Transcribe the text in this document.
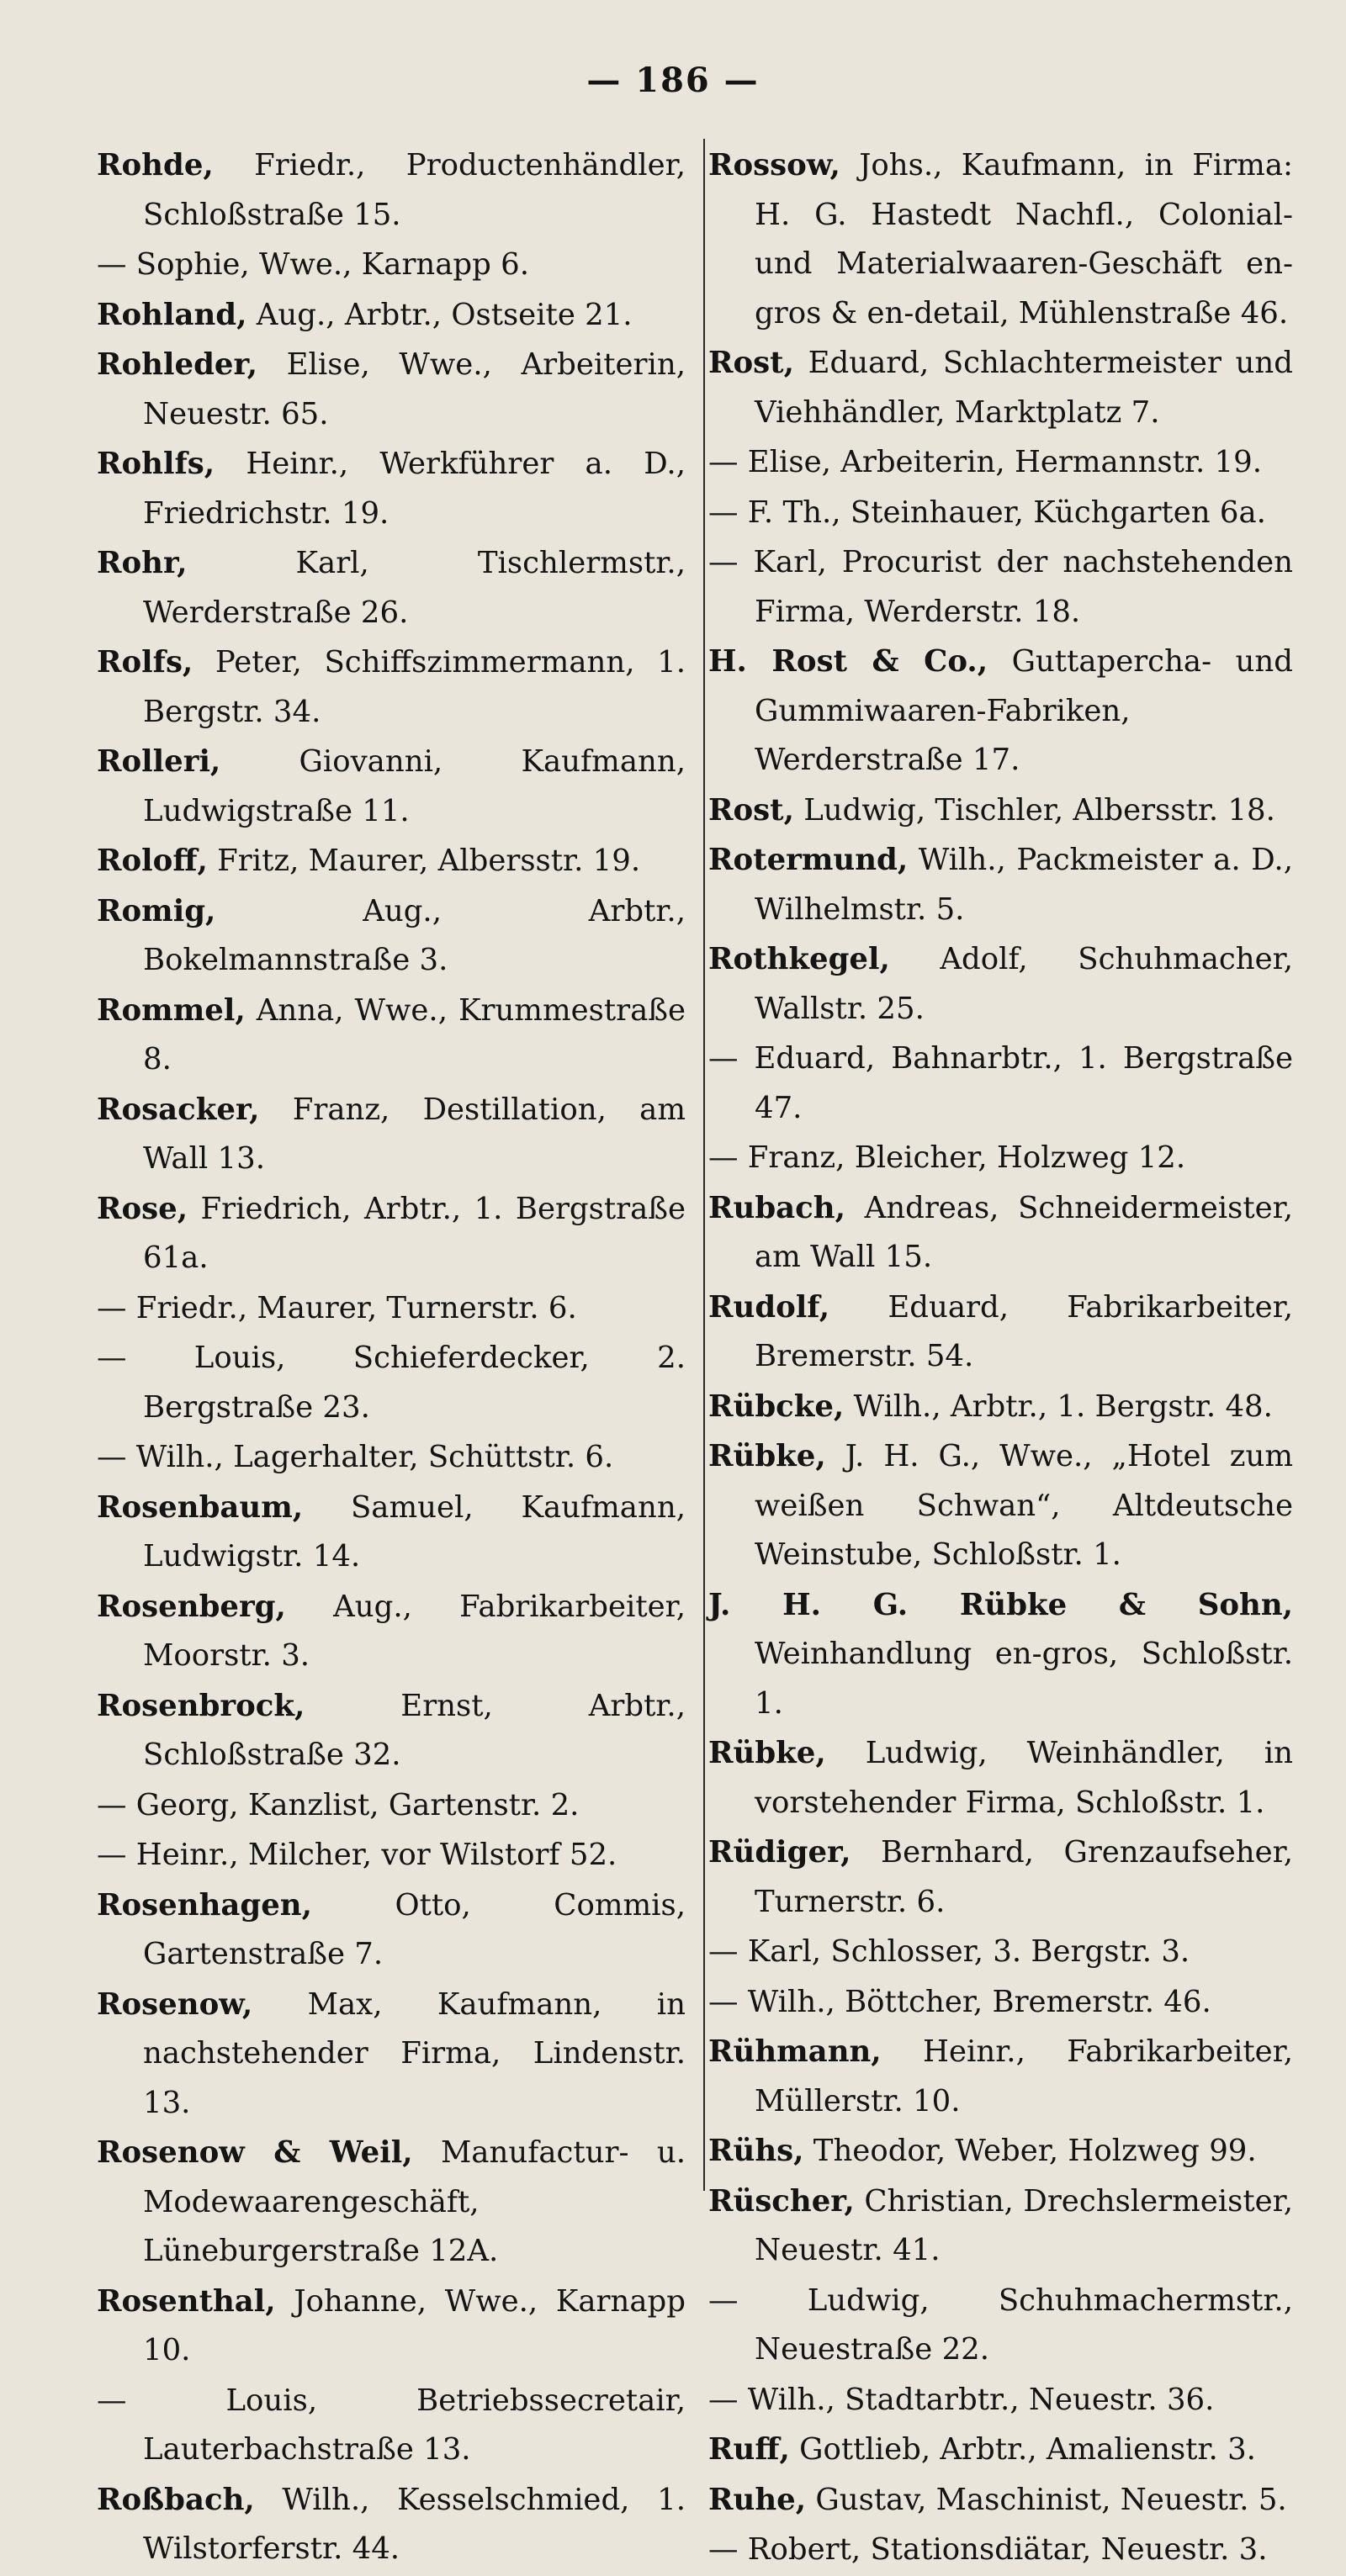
— 186 —

Rohde, Friedr., Productenhändler, Schloßstraße 15.

— Sophie, Wwe., Karnapp 6.

Rohland, Aug., Arbtr., Ostseite 21.

Rohleder, Elise, Wwe., Arbeiterin, Neuestr. 65.

Rohlfs, Heinr., Werkführer a. D., Friedrichstr. 19.

Rohr,	Karl, Tischlermstr., Werderstraße 26.

Rolfs, Peter, Schiffszimmermann, 1. Bergstr. 34.

Rolleri,	Giovanni, Kaufmann, Ludwigstraße 11.

Roloff, Fritz, Maurer, Albersstr. 19.

Romig,	Aug., Arbtr., Bokelmannstraße 3.

Rommel, Anna, Wwe., Krummestraße 8.

Rosacker, Franz, Destillation, am Wall 13.

Rose, Friedrich, Arbtr., 1. Bergstraße 61a.

— Friedr., Maurer, Turnerstr. 6.

— Louis, Schieferdecker, 2. Bergstraße 23.

— Wilh., Lagerhalter, Schüttstr. 6.

Rosenbaum, Samuel, Kaufmann, Ludwigstr. 14.

Rosenberg, Aug., Fabrikarbeiter, Moorstr. 3.

Rosenbrock,	Ernst, Arbtr., Schloßstraße 32.

— Georg, Kanzlist, Gartenstr. 2.

— Heinr., Milcher, vor Wilstorf 52.

Rosenhagen,	Otto, Commis, Gartenstraße 7.

Rosenow, Max, Kaufmann, in nachstehender Firma, Lindenstr. 13.

Rosenow & Weil, Manufactur- u. Modewaarengeschäft, Lüneburgerstraße 12A.

Rosenthal, Johanne, Wwe., Karnapp 10.

— Louis,	Betriebssecretair, Lauterbachstraße 13.

Roßbach, Wilh., Kesselschmied, 1. Wilstorferstr. 44.

Rossow, Johs., Kaufmann, in Firma: H. G. Hastedt Nachfl., Colonial- und Materialwaaren-Geschäft en-gros & en-detail, Mühlenstraße 46.

Rost, Eduard, Schlachtermeister und Viehhändler, Marktplatz 7.

— Elise, Arbeiterin, Hermannstr. 19.

— F. Th., Steinhauer, Küchgarten 6a.

— Karl, Procurist der nachstehenden Firma, Werderstr. 18.

H. Rost & Co., Guttapercha- und Gummiwaaren-Fabriken, Werderstraße 17.

Rost, Ludwig, Tischler, Albersstr. 18.

Rotermund, Wilh., Packmeister a. D., Wilhelmstr. 5.

Rothkegel, Adolf, Schuhmacher, Wallstr. 25.

— Eduard, Bahnarbtr., 1. Bergstraße 47.

— Franz, Bleicher, Holzweg 12.

Rubach, Andreas, Schneidermeister, am Wall 15.

Rudolf, Eduard, Fabrikarbeiter, Bremerstr. 54.

Rübcke, Wilh., Arbtr., 1. Bergstr. 48.

Rübke, J. H. G., Wwe., „Hotel zum weißen Schwan“, Altdeutsche Weinstube, Schloßstr. 1.

J. H. G. Rübke & Sohn, Weinhandlung en-gros, Schloßstr. 1.

Rübke, Ludwig, Weinhändler, in vorstehender Firma, Schloßstr. 1.

Rüdiger, Bernhard, Grenzaufseher, Turnerstr. 6.

— Karl, Schlosser, 3. Bergstr. 3.

— Wilh., Böttcher, Bremerstr. 46.

Rühmann, Heinr., Fabrikarbeiter, Müllerstr. 10.

Rühs, Theodor, Weber, Holzweg 99.

Rüscher, Christian, Drechslermeister, Neuestr. 41.

— Ludwig, Schuhmachermstr., Neuestraße 22.

— Wilh., Stadtarbtr., Neuestr. 36.

Ruff, Gottlieb, Arbtr., Amalienstr. 3.

Ruhe, Gustav, Maschinist, Neuestr. 5.

— Robert, Stationsdiätar, Neuestr. 3.
